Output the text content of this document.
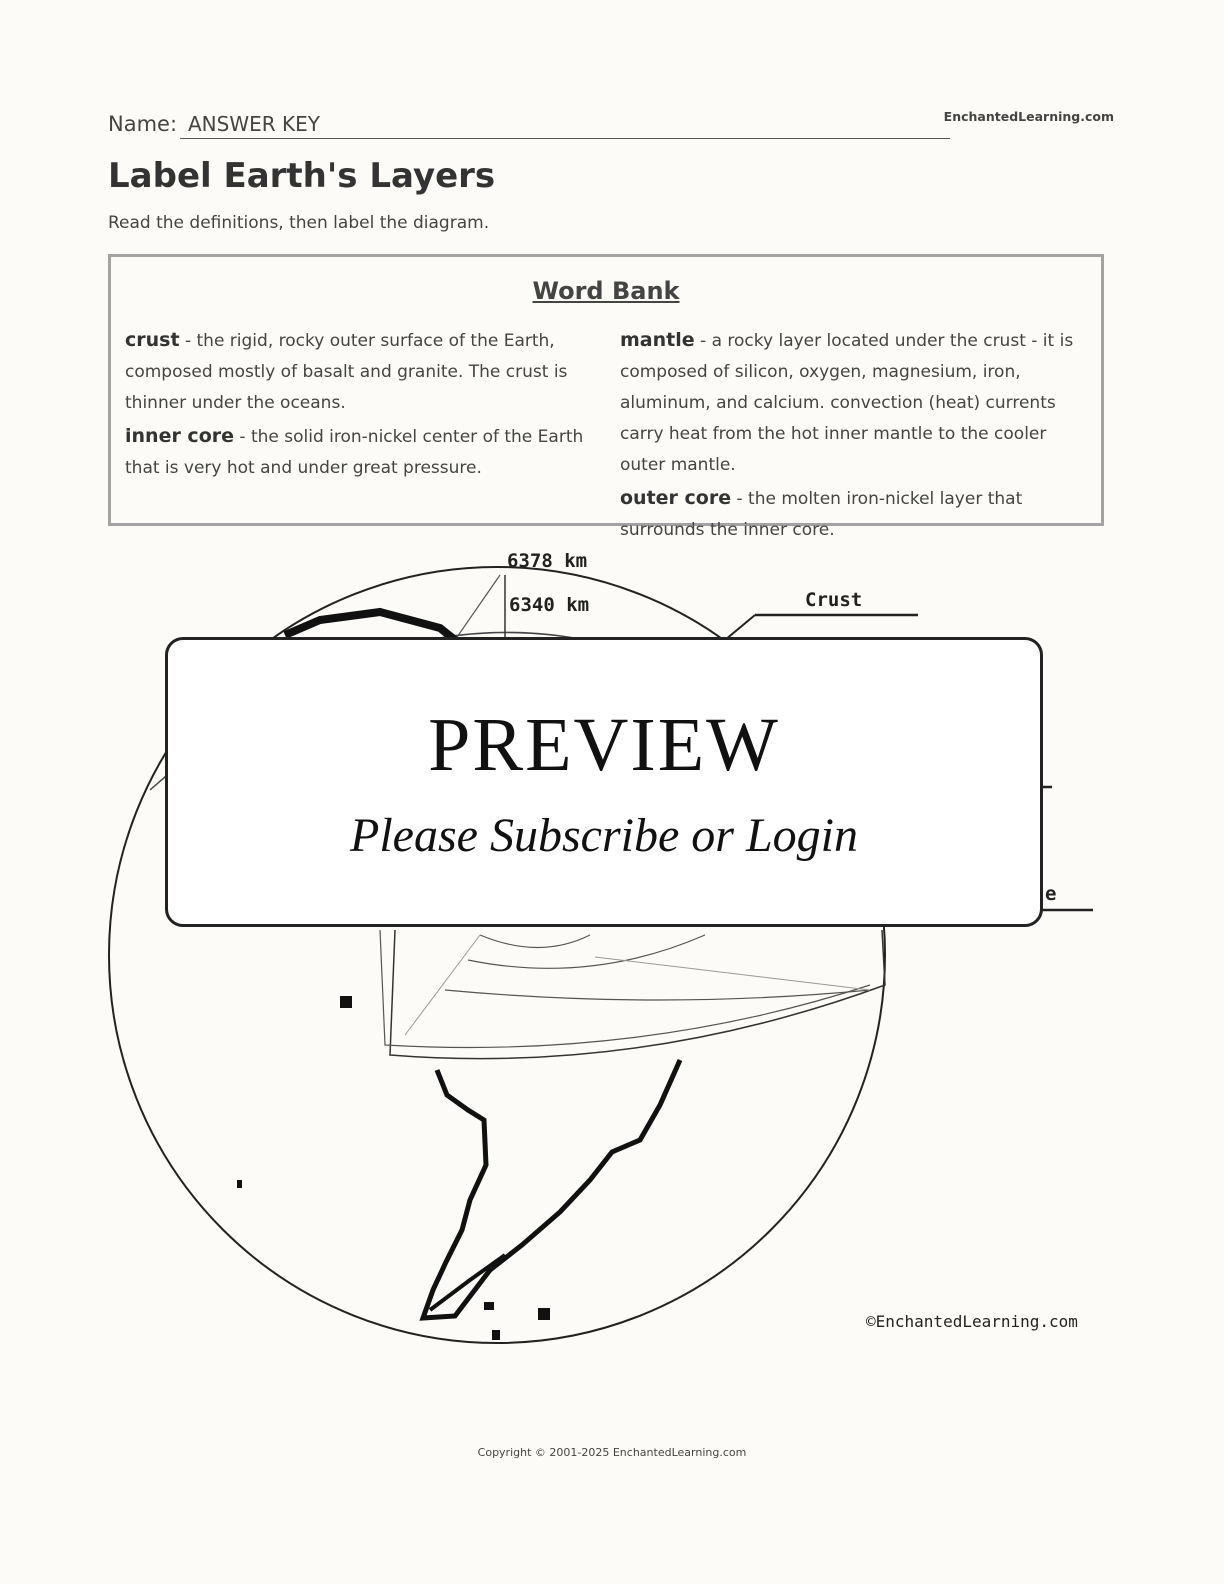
Name: ANSWER KEY	EnchantedLearning.com
Label Earth's Layers
Read the definitions, then label the diagram.
Word Bank
crust - the rigid, rocky outer surface of the Earth, composed mostly of basalt and granite. The crust is thinner under the oceans.
inner core - the solid iron-nickel center of the Earth that is very hot and under great pressure.
mantle - a rocky layer located under the crust - it is composed of silicon, oxygen, magnesium, iron, aluminum, and calcium. convection (heat) currents carry heat from the hot inner mantle to the cooler outer mantle.
outer core - the molten iron-nickel layer that surrounds the inner core.
6378 km
6340 km	Crust
e
©EnchantedLearning.com
PREVIEW
Please Subscribe or Login
Copyright © 2001-2025 EnchantedLearning.com
